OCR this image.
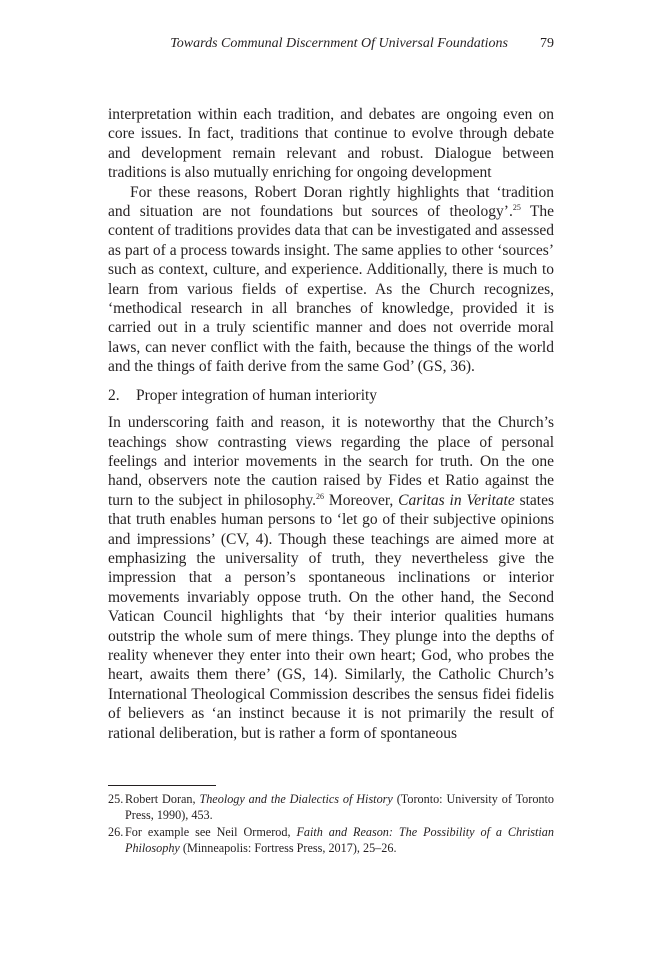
Towards Communal Discernment Of Universal Foundations 79

interpretation within each tradition, and debates are ongoing even on core issues. In fact, traditions that continue to evolve through debate and development remain relevant and robust. Dialogue between traditions is also mutually enriching for ongoing development

For these reasons, Robert Doran rightly highlights that ‘tradition and situation are not foundations but sources of theology’.$^{25}$ The content of traditions provides data that can be investigated and assessed as part of a process towards insight. The same applies to other ‘sources’ such as context, culture, and experience. Additionally, there is much to learn from various fields of expertise. As the Church recognizes, ‘methodical research in all branches of knowledge, provided it is carried out in a truly scientific manner and does not override moral laws, can never conflict with the faith, because the things of the world and the things of faith derive from the same God’ (GS, 36).

2. Proper integration of human interiority

In underscoring faith and reason, it is noteworthy that the Church’s teachings show contrasting views regarding the place of personal feelings and interior movements in the search for truth. On the one hand, observers note the caution raised by Fides et Ratio against the turn to the subject in philosophy.$^{26}$ Moreover, Caritas in Veritate states that truth enables human persons to ‘let go of their subjective opinions and impressions’ (CV, 4). Though these teachings are aimed more at emphasizing the universality of truth, they nevertheless give the impression that a person’s spontaneous inclinations or interior movements invariably oppose truth. On the other hand, the Second Vatican Council highlights that ‘by their interior qualities humans outstrip the whole sum of mere things. They plunge into the depths of reality whenever they enter into their own heart; God, who probes the heart, awaits them there’ (GS, 14). Similarly, the Catholic Church’s International Theological Commission describes the sensus fidei fidelis of believers as ‘an instinct because it is not primarily the result of rational deliberation, but is rather a form of spontaneous

25. Robert Doran, Theology and the Dialectics of History (Toronto: University of Toronto Press, 1990), 453.
26. For example see Neil Ormerod, Faith and Reason: The Possibility of a Christian Philosophy (Minneapolis: Fortress Press, 2017), 25–26.
